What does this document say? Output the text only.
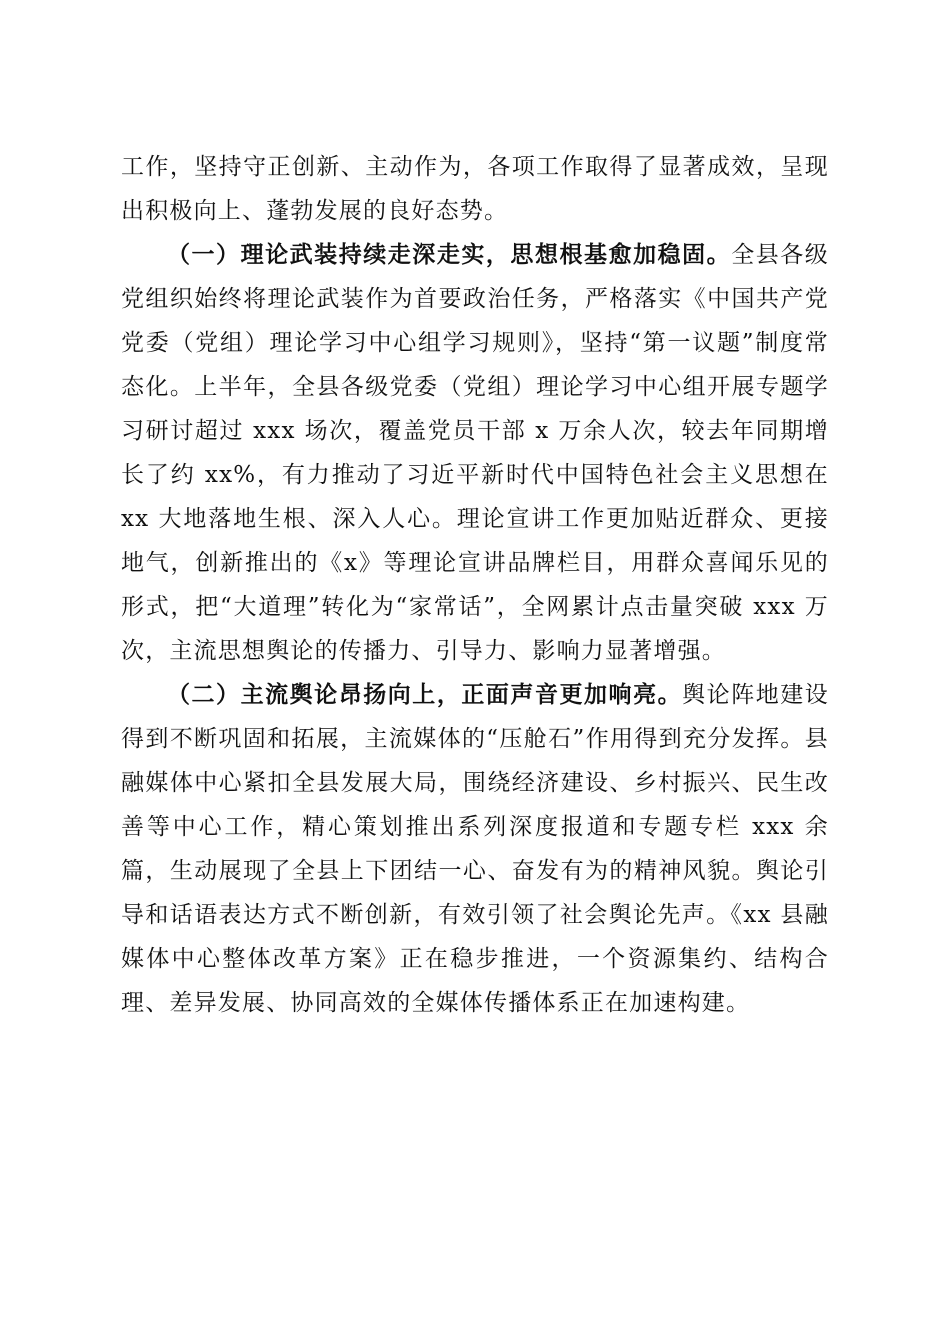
工作，坚持守正创新、主动作为，各项工作取得了显著成效，呈现出积极向上、蓬勃发展的良好态势。

（一）理论武装持续走深走实，思想根基愈加稳固。全县各级党组织始终将理论武装作为首要政治任务，严格落实《中国共产党党委（党组）理论学习中心组学习规则》，坚持“第一议题”制度常态化。上半年，全县各级党委（党组）理论学习中心组开展专题学习研讨超过 xxx 场次，覆盖党员干部 x 万余人次，较去年同期增长了约 xx%，有力推动了习近平新时代中国特色社会主义思想在 xx 大地落地生根、深入人心。理论宣讲工作更加贴近群众、更接地气，创新推出的《x》等理论宣讲品牌栏目，用群众喜闻乐见的形式，把“大道理”转化为“家常话”，全网累计点击量突破 xxx 万次，主流思想舆论的传播力、引导力、影响力显著增强。

（二）主流舆论昂扬向上，正面声音更加响亮。舆论阵地建设得到不断巩固和拓展，主流媒体的“压舱石”作用得到充分发挥。县融媒体中心紧扣全县发展大局，围绕经济建设、乡村振兴、民生改善等中心工作，精心策划推出系列深度报道和专题专栏 xxx 余篇，生动展现了全县上下团结一心、奋发有为的精神风貌。舆论引导和话语表达方式不断创新，有效引领了社会舆论先声。《xx 县融媒体中心整体改革方案》正在稳步推进，一个资源集约、结构合理、差异发展、协同高效的全媒体传播体系正在加速构建。
